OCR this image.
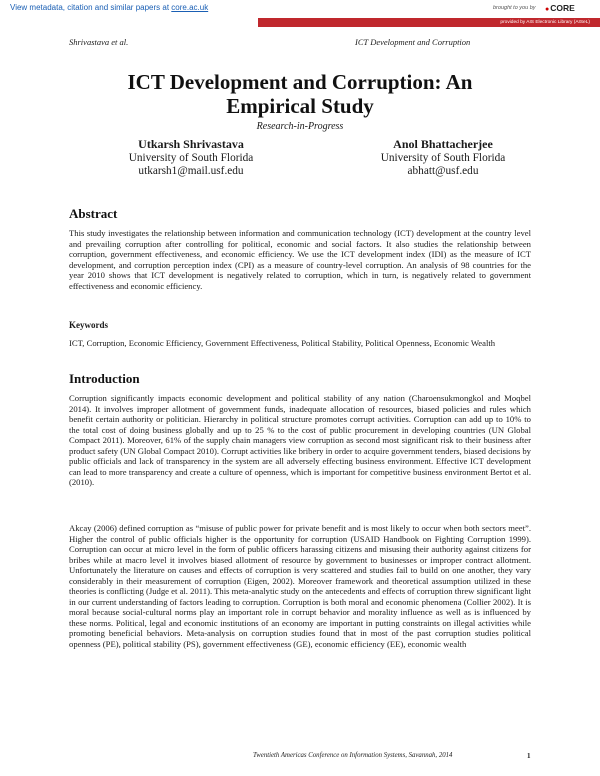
View metadata, citation and similar papers at core.ac.uk	brought to you by ●CORE
provided by AIS Electronic Library (AISeL)
Shrivastava et al.	ICT Development and Corruption
ICT Development and Corruption: An
Empirical Study
Research-in-Progress
Utkarsh Shrivastava
University of South Florida
utkarsh1@mail.usf.edu
Anol Bhattacherjee
University of South Florida
abhatt@usf.edu
Abstract

This study investigates the relationship between information and communication technology (ICT) development at the country level and prevailing corruption after controlling for political, economic and social factors. It also studies the relationship between corruption, government effectiveness, and economic efficiency. We use the ICT development index (IDI) as the measure of ICT development, and corruption perception index (CPI) as a measure of country-level corruption. An analysis of 98 countries for the year 2010 shows that ICT development is negatively related to corruption, which in turn, is negatively related to government effectiveness and economic efficiency.

Keywords

ICT, Corruption, Economic Efficiency, Government Effectiveness, Political Stability, Political Openness, Economic Wealth

Introduction

Corruption significantly impacts economic development and political stability of any nation (Charoensukmongkol and Moqbel 2014). It involves improper allotment of government funds, inadequate allocation of resources, biased policies and rules which benefit certain authority or politician. Hierarchy in political structure promotes corrupt activities. Corruption can add up to 10% to the total cost of doing business globally and up to 25 % to the cost of public procurement in developing countries (UN Global Compact 2011). Moreover, 61% of the supply chain managers view corruption as second most significant risk to their business after product safety (UN Global Compact 2010). Corrupt activities like bribery in order to acquire government tenders, biased decisions by public officials and lack of transparency in the system are all adversely effecting business environment. Effective ICT development can lead to more transparency and create a culture of openness, which is important for competitive business environment Bertot et al. (2010).

Akcay (2006) defined corruption as “misuse of public power for private benefit and is most likely to occur when both sectors meet”. Higher the control of public officials higher is the opportunity for corruption (USAID Handbook on Fighting Corruption 1999). Corruption can occur at micro level in the form of public officers harassing citizens and misusing their authority against citizens for bribes while at macro level it involves biased allotment of resource by government to businesses or improper contract allotment. Unfortunately the literature on causes and effects of corruption is very scattered and studies fail to build on one another, they vary considerably in their measurement of corruption (Eigen, 2002). Moreover framework and theoretical assumption utilized in these theories is conflicting (Judge et al. 2011). This meta-analytic study on the antecedents and effects of corruption threw significant light in our current understanding of factors leading to corruption. Corruption is both moral and economic phenomena (Collier 2002). It is moral because social-cultural norms play an important role in corrupt behavior and morality influence as well as is influenced by these norms. Political, legal and economic institutions of an economy are important in putting constraints on illegal activities while promoting beneficial behaviors. Meta-analysis on corruption studies found that in most of the past corruption studies political openness (PE), political stability (PS), government effectiveness (GE), economic efficiency (EE), economic wealth

Twentieth Americas Conference on Information Systems, Savannah, 2014	1
